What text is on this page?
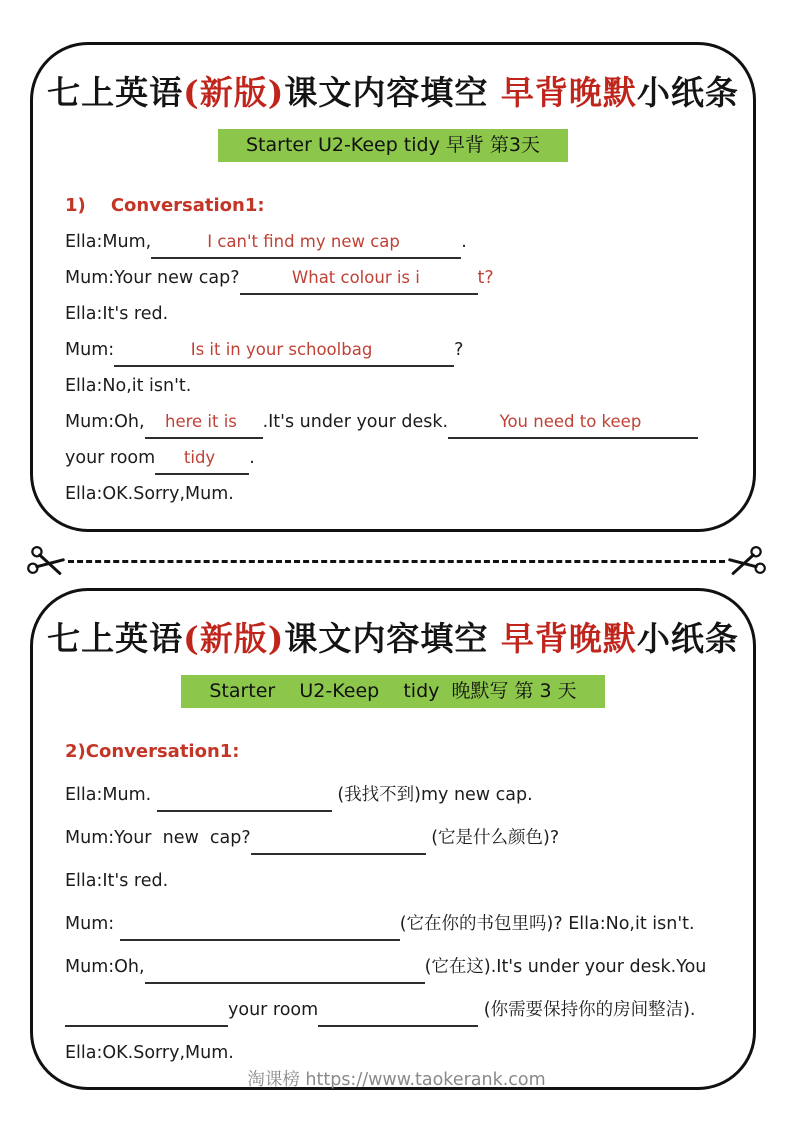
七上英语(新版)课文内容填空 早背晚默小纸条
Starter U2-Keep tidy 早背 第3天
1)    Conversation1:
Ella:Mum,	I can't find my new cap	.
Mum:Your new cap?	What colour is i	t?
Ella:It's red.
Mum:	Is it in your schoolbag	?
Ella:No,it isn't.
Mum:Oh, here it is .It's under your desk.	You need to keep
your room tidy .
Ella:OK.Sorry,Mum.
七上英语(新版)课文内容填空 早背晚默小纸条
Starter    U2-Keep    tidy  晚默写 第 3 天
2)Conversation1:
Ella:Mum.	(我找不到)my new cap.
Mum:Your  new  cap?	(它是什么颜色)?
Ella:It's red.
Mum:	(它在你的书包里吗)? Ella:No,it isn't.
Mum:Oh,	(它在这).It's under your desk.You
your room	(你需要保持你的房间整洁).
Ella:OK.Sorry,Mum.
淘课榜 https://www.taokerank.com
